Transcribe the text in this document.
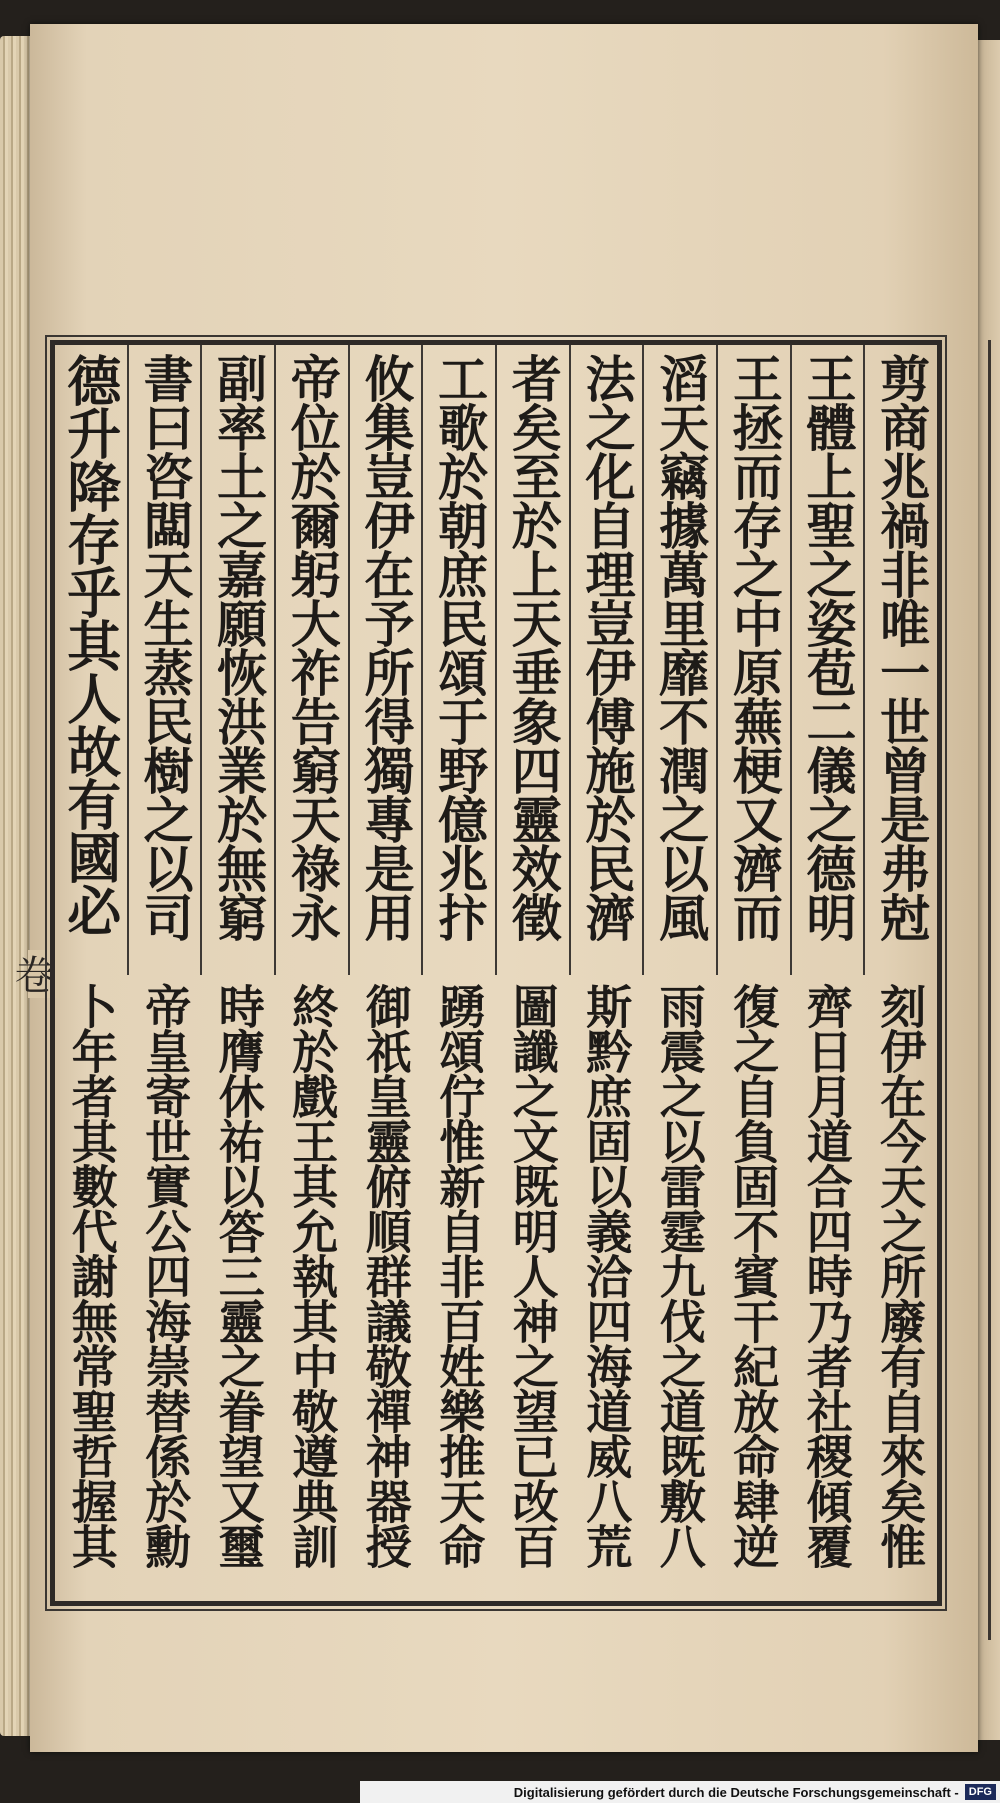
卷
剪商兆禍非唯一世曾是弗尅
王體上聖之姿苞二儀之德明
王拯而存之中原蕪梗又濟而
滔天竊據萬里靡不潤之以風
法之化自理豈伊傅施於民濟
者矣至於上天垂象四靈效徵
工歌於朝庶民頌于野億兆抃
攸集豈伊在予所得獨專是用
帝位於爾躬大祚告窮天祿永
副率土之嘉願恢洪業於無窮
書曰咨闆天生蒸民樹之以司
德升降存乎其人故有國必
刻伊在今天之所廢有自來矣惟
齊日月道合四時乃者社稷傾覆
復之自負固不賓干紀放命肆逆
雨震之以雷霆九伐之道既敷八
斯黔庶固以義洽四海道威八荒
圖讖之文既明人神之望已改百
踴頌佇惟新自非百姓樂推天命
御祇皇靈俯順群議敬禪神器授
終於戲王其允執其中敬遵典訓
時膺休祐以答三靈之眷望又璽
帝皇寄世實公四海崇替係於勳
卜年者其數代謝無常聖哲握其
Digitalisierung gefördert durch die Deutsche Forschungsgemeinschaft - DFG
